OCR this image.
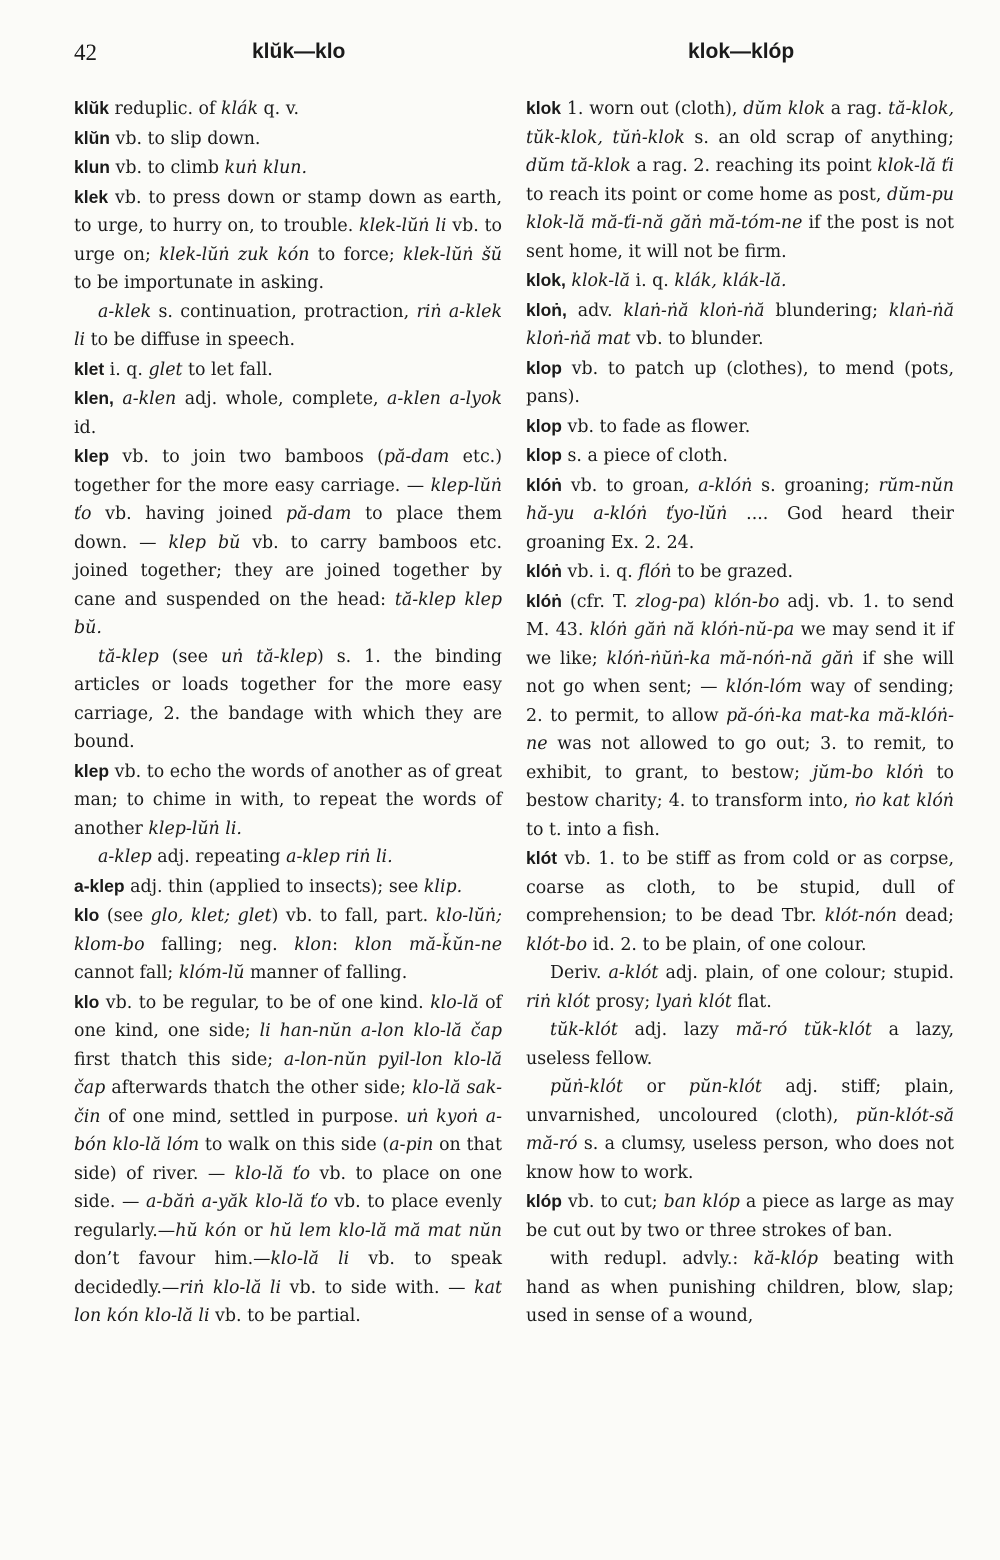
42	klŭk—klo	klok—klóp

klŭk reduplic. of klák q. v.

klŭn vb. to slip down.

klun vb. to climb kuṅ klun.

klek vb. to press down or stamp down as earth, to urge, to hurry on, to trouble. klek-lŭṅ li vb. to urge on; klek-lŭṅ zuk kón to force; klek-lŭṅ šŭ to be importunate in asking.

a-klek s. continuation, protraction, riṅ a-klek li to be diffuse in speech.

klet i. q. glet to let fall.

klen, a-klen adj. whole, complete, a-klen a-lyok id.

klep vb. to join two bamboos (pă-dam etc.) together for the more easy carriage. — klep-lŭṅ ťo vb. having joined pă-dam to place them down. — klep bŭ vb. to carry bamboos etc. joined together; they are joined together by cane and suspended on the head: tă-klep klep bŭ.

tă-klep (see uṅ tă-klep) s. 1. the binding articles or loads together for the more easy carriage, 2. the bandage with which they are bound.

klep vb. to echo the words of another as of great man; to chime in with, to repeat the words of another klep-lŭṅ li.

a-klep adj. repeating a-klep riṅ li.

a-klep adj. thin (applied to insects); see klip.

klo (see glo, klet; glet) vb. to fall, part. klo-lŭṅ; klom-bo falling; neg. klon: klon mă-ǩŭn-ne cannot fall; klóm-lŭ manner of falling.

klo vb. to be regular, to be of one kind. klo-lă of one kind, one side; li han-nŭn a-lon klo-lă čap first thatch this side; a-lon-nŭn pyil-lon klo-lă čap afterwards thatch the other side; klo-lă sak-čin of one mind, settled in purpose. uṅ kyoṅ a-bón klo-lă lóm to walk on this side (a-pin on that side) of river. — klo-lă ťo vb. to place on one side. — a-băṅ a-yăk klo-lă ťo vb. to place evenly regularly.—hŭ kón or hŭ lem klo-lă mă mat nŭn don’t favour him.—klo-lă li vb. to speak decidedly.—riṅ klo-lă li vb. to side with. — kat lon kón klo-lă li vb. to be partial.

klok 1. worn out (cloth), dŭm klok a rag. tă-klok, tŭk-klok, tŭṅ-klok s. an old scrap of anything; dŭm tă-klok a rag. 2. reaching its point klok-lă ťi to reach its point or come home as post, dŭm-pu klok-lă mă-ťi-nă găṅ mă-tóm-ne if the post is not sent home, it will not be firm.

klok, klok-lă i. q. klák, klák-lă.

kloṅ, adv. klaṅ-ṅă kloṅ-ṅă blundering; klaṅ-ṅă kloṅ-ṅă mat vb. to blunder.

klop vb. to patch up (clothes), to mend (pots, pans).

klop vb. to fade as flower.

klop s. a piece of cloth.

klóṅ vb. to groan, a-klóṅ s. groaning; rŭm-nŭn hă-yu a-klóṅ ťyo-lŭṅ .... God heard their groaning Ex. 2. 24.

klóṅ vb. i. q. flóṅ to be grazed.

klóṅ (cfr. T. zlog-pa) klón-bo adj. vb. 1. to send M. 43. klóṅ găṅ nă klóṅ-nŭ-pa we may send it if we like; klóṅ-ṅŭṅ-ka mă-nóṅ-nă găṅ if she will not go when sent; — klón-lóm way of sending; 2. to permit, to allow pă-óṅ-ka mat-ka mă-klóṅ-ne was not allowed to go out; 3. to remit, to exhibit, to grant, to bestow; jŭm-bo klóṅ to bestow charity; 4. to transform into, ṅo kat klóṅ to t. into a fish.

klót vb. 1. to be stiff as from cold or as corpse, coarse as cloth, to be stupid, dull of comprehension; to be dead Tbr. klót-nón dead; klót-bo id. 2. to be plain, of one colour.

Deriv. a-klót adj. plain, of one colour; stupid. riṅ klót prosy; lyaṅ klót flat.

tŭk-klót adj. lazy mă-ró tŭk-klót a lazy, useless fellow.

pŭṅ-klót or pŭn-klót adj. stiff; plain, unvarnished, uncoloured (cloth), pŭn-klót-să mă-ró s. a clumsy, useless person, who does not know how to work.

klóp vb. to cut; ban klóp a piece as large as may be cut out by two or three strokes of ban.

with redupl. advly.: kă-klóp beating with hand as when punishing children, blow, slap; used in sense of a wound,
